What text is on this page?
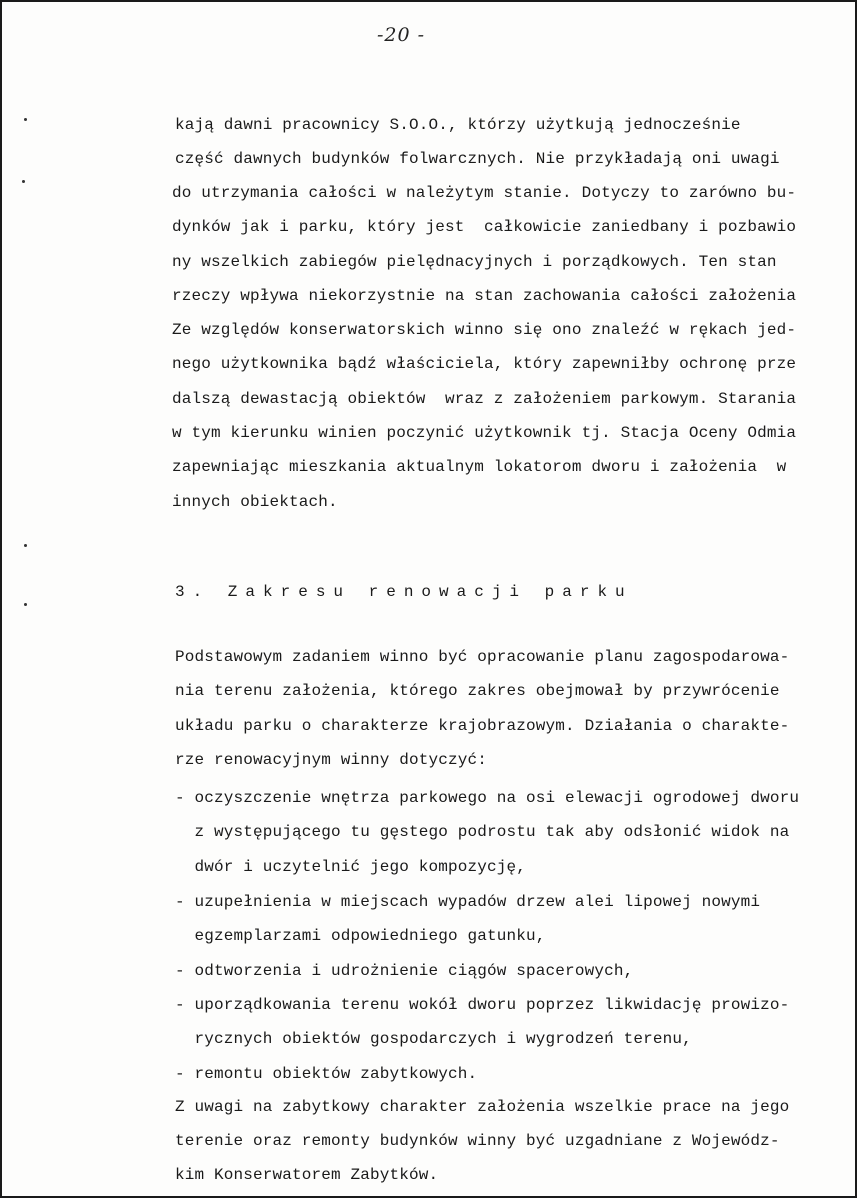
-20 -

kają dawni pracownicy S.O.O., którzy użytkują jednocześnie

część dawnych budynków folwarcznych. Nie przykładają oni uwagi

do utrzymania całości w należytym stanie. Dotyczy to zarówno bu-

dynków jak i parku, który jest  całkowicie zaniedbany i pozbawio

ny wszelkich zabiegów pielędnacyjnych i porządkowych. Ten stan

rzeczy wpływa niekorzystnie na stan zachowania całości założenia

Ze względów konserwatorskich winno się ono znaleźć w rękach jed-

nego użytkownika bądź właściciela, który zapewniłby ochronę prze

dalszą dewastacją obiektów  wraz z założeniem parkowym. Starania

w tym kierunku winien poczynić użytkownik tj. Stacja Oceny Odmia

zapewniając mieszkania aktualnym lokatorom dworu i założenia  w

innych obiektach.

3. Zakresu renowacji parku

Podstawowym zadaniem winno być opracowanie planu zagospodarowa-

nia terenu założenia, którego zakres obejmował by przywrócenie

układu parku o charakterze krajobrazowym. Działania o charakte-

rze renowacyjnym winny dotyczyć:

- oczyszczenie wnętrza parkowego na osi elewacji ogrodowej dworu

z występującego tu gęstego podrostu tak aby odsłonić widok na

dwór i uczytelnić jego kompozycję,

- uzupełnienia w miejscach wypadów drzew alei lipowej nowymi

egzemplarzami odpowiedniego gatunku,

- odtworzenia i udrożnienie ciągów spacerowych,

- uporządkowania terenu wokół dworu poprzez likwidację prowizo-

rycznych obiektów gospodarczych i wygrodzeń terenu,

- remontu obiektów zabytkowych.

Z uwagi na zabytkowy charakter założenia wszelkie prace na jego

terenie oraz remonty budynków winny być uzgadniane z Wojewódz-

kim Konserwatorem Zabytków.
